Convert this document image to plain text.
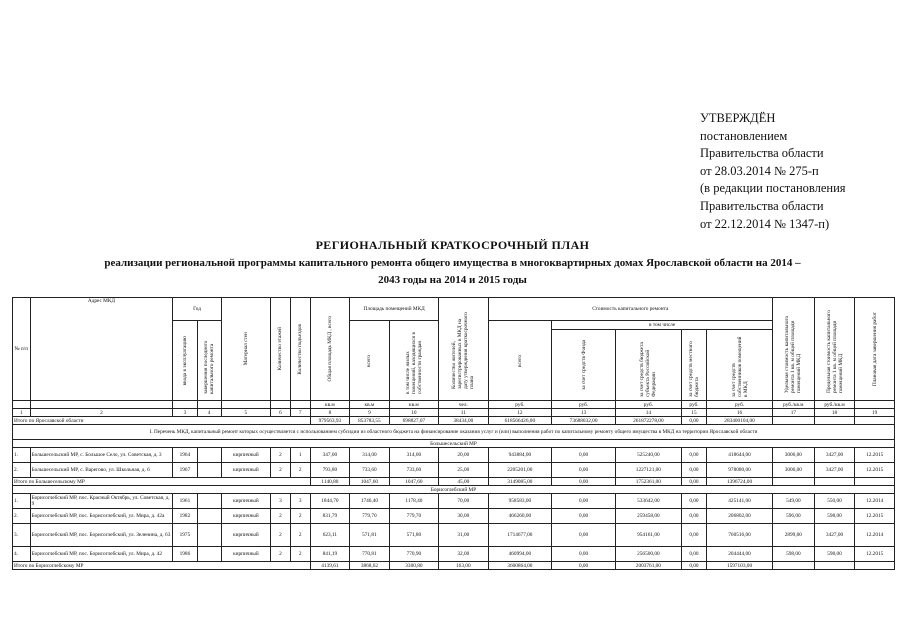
УТВЕРЖДЁН
постановлением
Правительства области
от 28.03.2014 № 275-п
(в редакции постановления
Правительства области
от 22.12.2014 № 1347-п)
РЕГИОНАЛЬНЫЙ КРАТКОСРОЧНЫЙ ПЛАН
реализации региональной программы капитального ремонта общего имущества в многоквартирных домах Ярославской области на 2014 –
2043 годы на 2014 и 2015 годы
№ п/п	Адрес МКД	Год		Материал стен	Количество этажей	Количество подъездов	Общая площадь МКД , всего	Площадь помещений МКД		Количество жителей, зарегистрированных в МКД на дату утверждения краткосрочного плана	Стоимость капитального ремонта					Удельная стоимость капитального ремонта 1 кв. м общей площади помещений МКД	Предельная стоимость капитального ремонта 1 кв. м общей площади помещений МКД	Плановая дата завершения работ

		ввода в эксплуатацию	завершения последнего капитального ремонта					всего	в том числе жилых помещений, находящихся в собственности граждан		всего	в том числе						

												за счет средств Фонда	за счет средств бюджета субъекта Российской Федерации	за счет средств местного бюджета	за счет средств собственников помещений в МКД			

							кв.м	кв.м	кв.м	чел.	руб.	руб.	руб.	руб.	руб.	руб./кв.м	руб./кв.м	
1	2	3	4	5	6	7	8	9	10	11	12	13	14	15	16	17	18	19
Итого по Ярославской области							979563,93	853783,55	698827,07	38434,00	618566426,00	73688032,00	261872278,00	0,00	283400104,00			
I. Перечень МКД, капитальный ремонт которых осуществляется с использованием субсидии из областного бюджета на финансирование оказания услуг и (или) выполнения работ по капитальному ремонту общего имущества в МКД на территории Ярославской области																		
Большесельский МР																		
1.	Большесельский МР, с. Большое Село, ул. Советская, д. 3	1964		кирпичный	2	1	347,00	314,00	314,00	20,00	943884,00	0,00	525240,00	0,00	418644,00	3006,00	3427,00	12.2015
2.	Большесельский МР, с. Варегово, ул. Школьная, д. 6	1967		кирпичный	2	2	793,80	733,60	733,60	25,00	2205201,00	0,00	1227121,00	0,00	978080,00	3006,00	3427,00	12.2015
Итого по Большесельскому МР							1140,80	1047,60	1047,60	45,00	3149085,00	0,00	1752361,00	0,00	1396724,00			
Борисоглебский МР																		
1.	Борисоглебский МР, пос. Красный Октябрь, ул. Советская, д. 9	1961		кирпичный	3	3	1844,70	1746,40	1178,40	70,00	958583,00	0,00	533642,00	0,00	425141,00	549,00	550,00	12.2014
2.	Борисоглебский МР, пос. Борисоглебский, ул. Мира, д. 42а	1982		кирпичный	2	2	831,79	779,70	779,70	30,00	466260,00	0,00	259458,00	0,00	206802,00	596,00	598,00	12.2015
3.	Борисоглебский МР, пос. Борисоглебский, ул. Зеленина, д. 63	1975		кирпичный	2	2	623,11	571,81	571,80	31,00	1714677,00	0,00	954161,00	0,00	760516,00	2899,00	3427,00	12.2014
4.	Борисоглебский МР, пос. Борисоглебский, ул. Мира, д. 42	1986		кирпичный	2	2	841,19	770,81	770,90	32,00	460994,00	0,00	256500,00	0,00	204444,00	598,00	598,00	12.2015
Итого по Борисоглебскому МР							4139,61	3868,62	3300,80	163,00	3600864,00	0,00	2003761,00	0,00	1597103,00			
